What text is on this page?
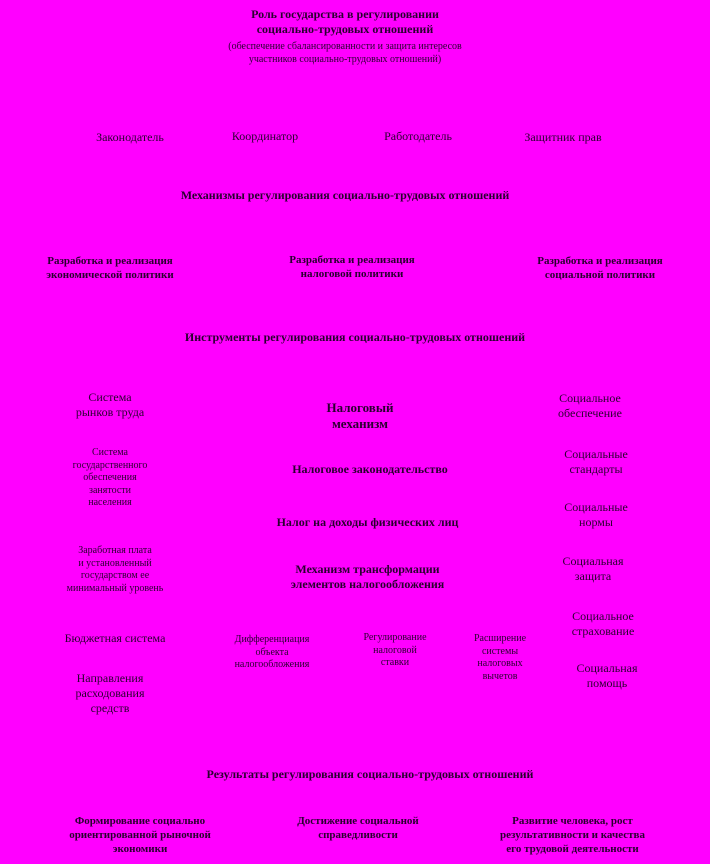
Роль государства в регулировании
социально-трудовых отношений
(обеспечение сбалансированности и защита интересов
участников социально-трудовых отношений)
Законодатель	Координатор	Работодатель	Защитник прав
Механизмы регулирования социально-трудовых отношений
Разработка и реализация
экономической политики
Разработка и реализация
налоговой политики
Разработка и реализация
социальной политики
Инструменты регулирования социально-трудовых отношений
Система
рынков труда
Система
государственного
обеспечения
занятости
населения
Заработная плата
и установленный
государством ее
минимальный уровень
Бюджетная система
Направления
расходования
средств
Налоговый
механизм
Налоговое законодательство
Налог на доходы физических лиц
Механизм трансформации
элементов налогообложения
Дифференциация
объекта
налогообложения
Регулирование
налоговой
ставки
Расширение
системы
налоговых
вычетов
Социальное
обеспечение
Социальные
стандарты
Социальные
нормы
Социальная
защита
Социальное
страхование
Социальная
помощь
Результаты регулирования социально-трудовых отношений
Формирование социально
ориентированной рыночной
экономики
Достижение социальной
справедливости
Развитие человека, рост
результативности и качества
его трудовой деятельности
